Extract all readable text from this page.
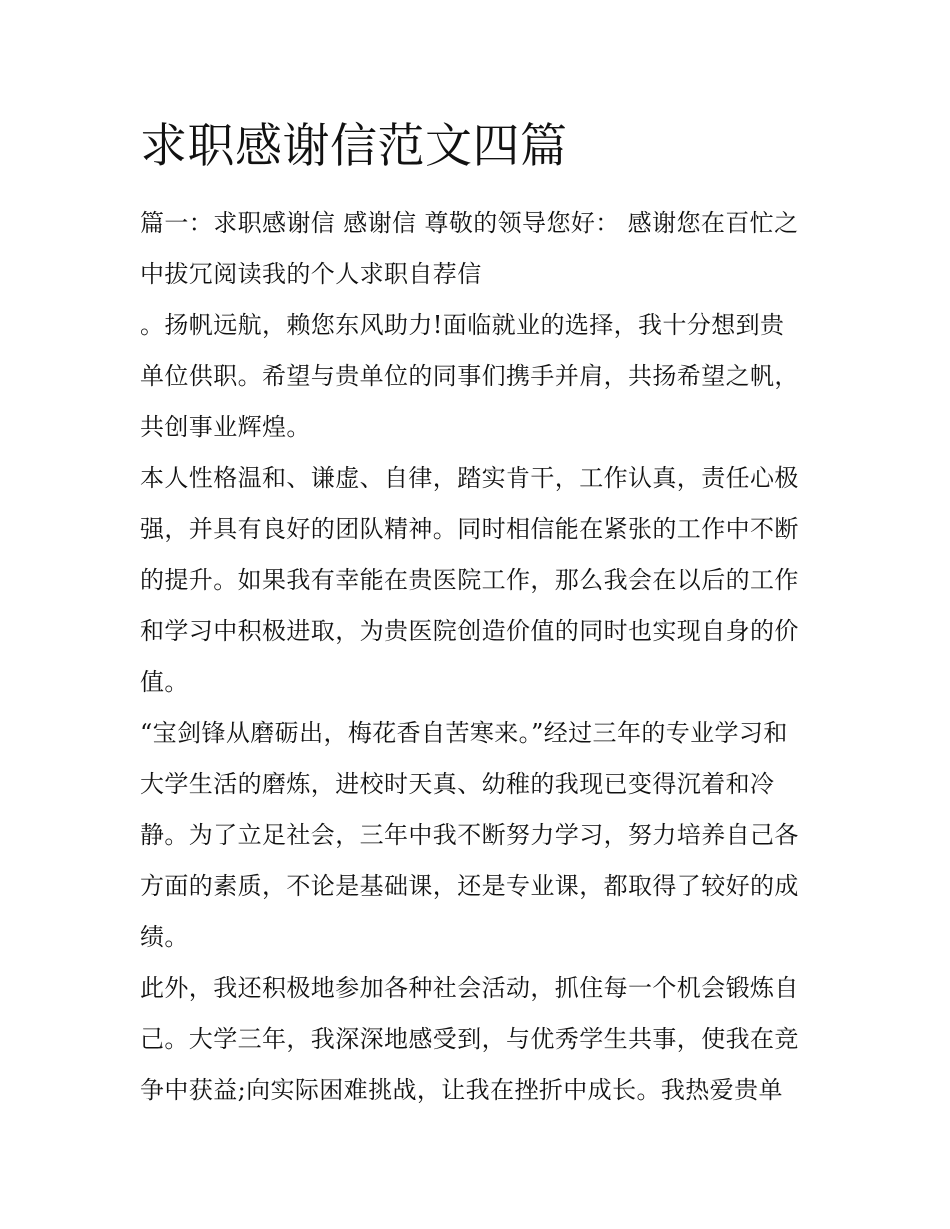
求职感谢信范文四篇
篇一：求职感谢信 感谢信 尊敬的领导您好： 感谢您在百忙之
中拔冗阅读我的个人求职自荐信
。扬帆远航，赖您东风助力!面临就业的选择，我十分想到贵
单位供职。希望与贵单位的同事们携手并肩，共扬希望之帆，
共创事业辉煌。
本人性格温和、谦虚、自律，踏实肯干，工作认真，责任心极
强，并具有良好的团队精神。同时相信能在紧张的工作中不断
的提升。如果我有幸能在贵医院工作，那么我会在以后的工作
和学习中积极进取，为贵医院创造价值的同时也实现自身的价
值。
“宝剑锋从磨砺出，梅花香自苦寒来。”经过三年的专业学习和
大学生活的磨炼，进校时天真、幼稚的我现已变得沉着和冷
静。为了立足社会，三年中我不断努力学习，努力培养自己各
方面的素质，不论是基础课，还是专业课，都取得了较好的成
绩。
此外，我还积极地参加各种社会活动，抓住每一个机会锻炼自
己。大学三年，我深深地感受到，与优秀学生共事，使我在竞
争中获益;向实际困难挑战，让我在挫折中成长。我热爱贵单
